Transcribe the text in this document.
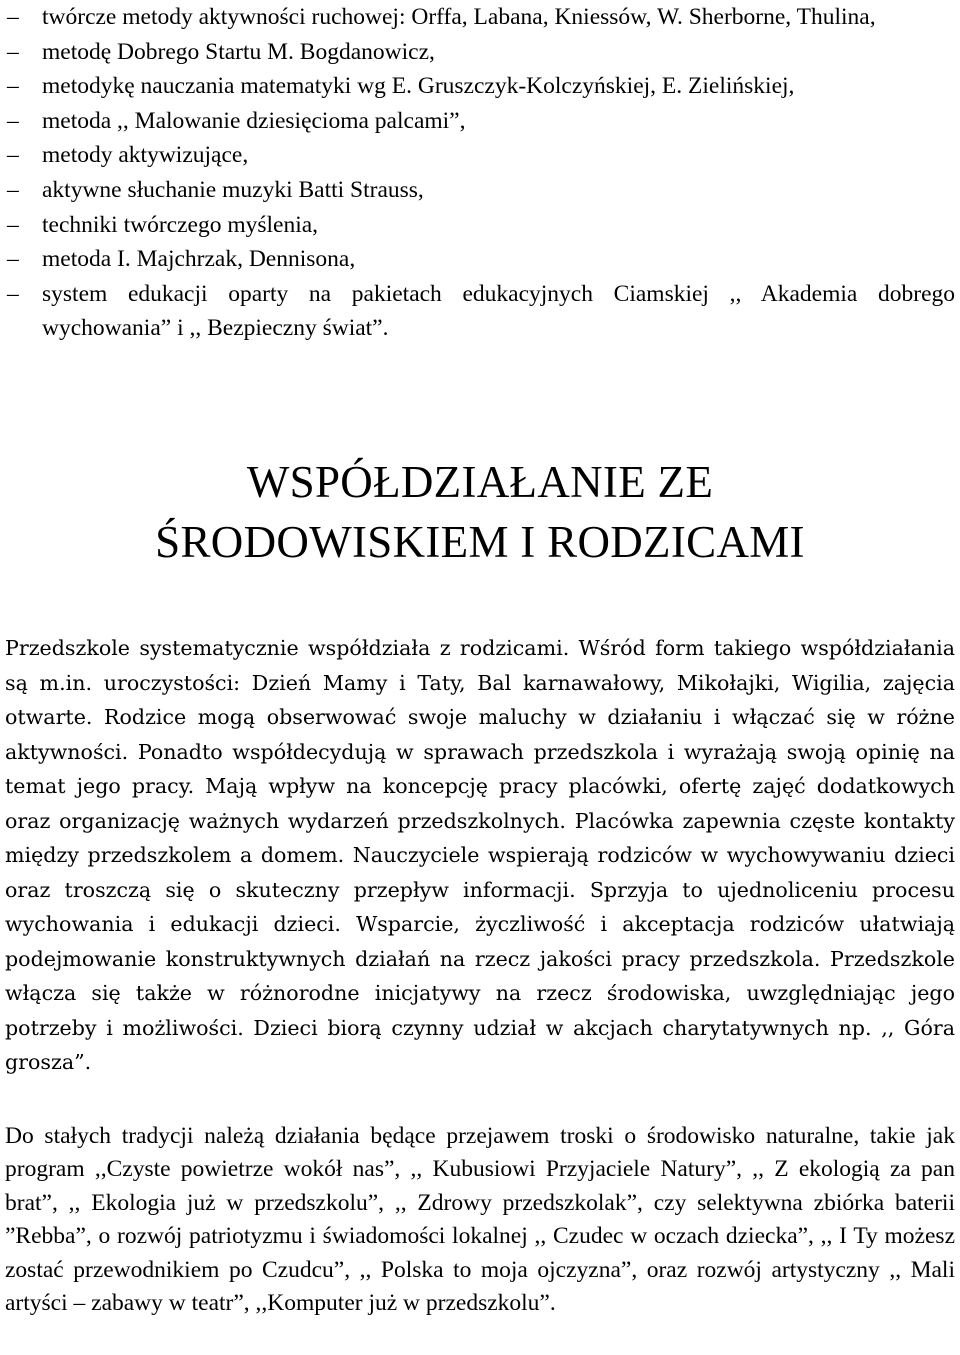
– twórcze metody aktywności ruchowej: Orffa, Labana, Kniessów, W. Sherborne, Thulina,
– metodę Dobrego Startu M. Bogdanowicz,
– metodykę nauczania matematyki wg E. Gruszczyk-Kolczyńskiej, E. Zielińskiej,
– metoda ,, Malowanie dziesięcioma palcami”,
– metody aktywizujące,
– aktywne słuchanie muzyki Batti Strauss,
– techniki twórczego myślenia,
– metoda I. Majchrzak, Dennisona,
– system edukacji oparty na pakietach edukacyjnych Ciamskiej ,, Akademia dobrego wychowania” i ,, Bezpieczny świat”.
WSPÓŁDZIAŁANIE ZE
ŚRODOWISKIEM I RODZICAMI

Przedszkole systematycznie współdziała z rodzicami. Wśród form takiego współdziałania są m.in. uroczystości: Dzień Mamy i Taty, Bal karnawałowy, Mikołajki, Wigilia, zajęcia otwarte. Rodzice mogą obserwować swoje maluchy w działaniu i włączać się w różne aktywności. Ponadto współdecydują w sprawach przedszkola i wyrażają swoją opinię na temat jego pracy. Mają wpływ na koncepcję pracy placówki, ofertę zajęć dodatkowych oraz organizację ważnych wydarzeń przedszkolnych. Placówka zapewnia częste kontakty między przedszkolem a domem. Nauczyciele wspierają rodziców w wychowywaniu dzieci oraz troszczą się o skuteczny przepływ informacji. Sprzyja to ujednoliceniu procesu wychowania i edukacji dzieci. Wsparcie, życzliwość i akceptacja rodziców ułatwiają podejmowanie konstruktywnych działań na rzecz jakości pracy przedszkola. Przedszkole włącza się także w różnorodne inicjatywy na rzecz środowiska, uwzględniając jego potrzeby i możliwości. Dzieci biorą czynny udział w akcjach charytatywnych np. ,, Góra grosza”.

Do stałych tradycji należą działania będące przejawem troski o środowisko naturalne, takie jak program ,,Czyste powietrze wokół nas”, ,, Kubusiowi Przyjaciele Natury”, ,, Z ekologią za pan brat”, ,, Ekologia już w przedszkolu”, ,, Zdrowy przedszkolak”, czy selektywna zbiórka baterii ”Rebba”, o rozwój patriotyzmu i świadomości lokalnej ,, Czudec w oczach dziecka”, ,, I Ty możesz zostać przewodnikiem po Czudcu”, ,, Polska to moja ojczyzna”, oraz rozwój artystyczny ,, Mali artyści – zabawy w teatr”, ,,Komputer już w przedszkolu”.
